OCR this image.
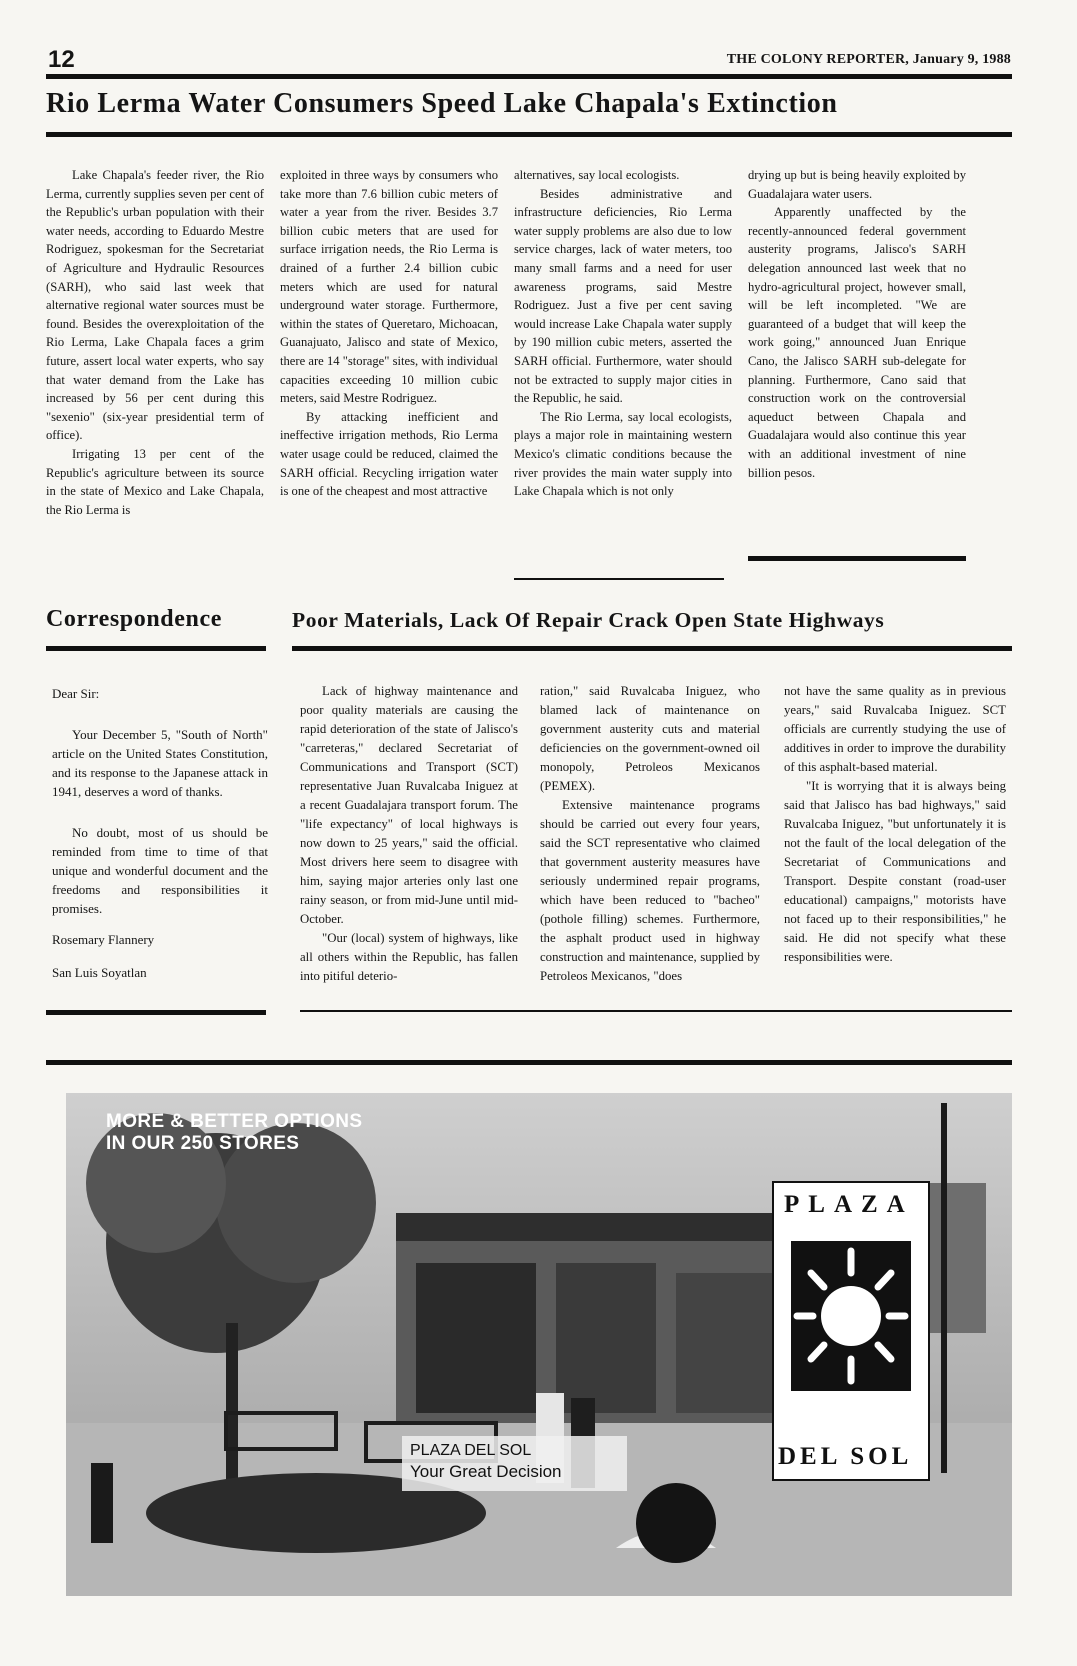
12	THE COLONY REPORTER, January 9, 1988
Rio Lerma Water Consumers Speed Lake Chapala's Extinction

Lake Chapala's feeder river, the Rio Lerma, currently supplies seven per cent of the Republic's urban population with their water needs, according to Eduardo Mestre Rodriguez, spokesman for the Secretariat of Agriculture and Hydraulic Resources (SARH), who said last week that alternative regional water sources must be found. Besides the overexploitation of the Rio Lerma, Lake Chapala faces a grim future, assert local water experts, who say that water demand from the Lake has increased by 56 per cent during this "sexenio" (six-year presidential term of office).

Irrigating 13 per cent of the Republic's agriculture between its source in the state of Mexico and Lake Chapala, the Rio Lerma is

exploited in three ways by consumers who take more than 7.6 billion cubic meters of water a year from the river. Besides 3.7 billion cubic meters that are used for surface irrigation needs, the Rio Lerma is drained of a further 2.4 billion cubic meters which are used for natural underground water storage. Furthermore, within the states of Queretaro, Michoacan, Guanajuato, Jalisco and state of Mexico, there are 14 "storage" sites, with individual capacities exceeding 10 million cubic meters, said Mestre Rodriguez.

By attacking inefficient and ineffective irrigation methods, Rio Lerma water usage could be reduced, claimed the SARH official. Recycling irrigation water is one of the cheapest and most attractive

alternatives, say local ecologists.

Besides administrative and infrastructure deficiencies, Rio Lerma water supply problems are also due to low service charges, lack of water meters, too many small farms and a need for user awareness programs, said Mestre Rodriguez. Just a five per cent saving would increase Lake Chapala water supply by 190 million cubic meters, asserted the SARH official. Furthermore, water should not be extracted to supply major cities in the Republic, he said.

The Rio Lerma, say local ecologists, plays a major role in maintaining western Mexico's climatic conditions because the river provides the main water supply into Lake Chapala which is not only

drying up but is being heavily exploited by Guadalajara water users.

Apparently unaffected by the recently-announced federal government austerity programs, Jalisco's SARH delegation announced last week that no hydro-agricultural project, however small, will be left incompleted. "We are guaranteed of a budget that will keep the work going," announced Juan Enrique Cano, the Jalisco SARH sub-delegate for planning. Furthermore, Cano said that construction work on the controversial aqueduct between Chapala and Guadalajara would also continue this year with an additional investment of nine billion pesos.

Correspondence	Poor Materials, Lack Of Repair Crack Open State Highways

Dear Sir:

Your December 5, "South of North" article on the United States Constitution, and its response to the Japanese attack in 1941, deserves a word of thanks.

No doubt, most of us should be reminded from time to time of that unique and wonderful document and the freedoms and responsibilities it promises.

Rosemary Flannery

San Luis Soyatlan

Lack of highway maintenance and poor quality materials are causing the rapid deterioration of the state of Jalisco's "carreteras," declared Secretariat of Communications and Transport (SCT) representative Juan Ruvalcaba Iniguez at a recent Guadalajara transport forum. The "life expectancy" of local highways is now down to 25 years," said the official. Most drivers here seem to disagree with him, saying major arteries only last one rainy season, or from mid-June until mid-October.

"Our (local) system of highways, like all others within the Republic, has fallen into pitiful deterio-

ration," said Ruvalcaba Iniguez, who blamed lack of maintenance on government austerity cuts and material deficiencies on the government-owned oil monopoly, Petroleos Mexicanos (PEMEX).

Extensive maintenance programs should be carried out every four years, said the SCT representative who claimed that government austerity measures have seriously undermined repair programs, which have been reduced to "bacheo" (pothole filling) schemes. Furthermore, the asphalt product used in highway construction and maintenance, supplied by Petroleos Mexicanos, "does

not have the same quality as in previous years," said Ruvalcaba Iniguez. SCT officials are currently studying the use of additives in order to improve the durability of this asphalt-based material.

"It is worrying that it is always being said that Jalisco has bad highways," said Ruvalcaba Iniguez, "but unfortunately it is not the fault of the local delegation of the Secretariat of Communications and Transport. Despite constant (road-user educational) campaigns," motorists have not faced up to their responsibilities," he said. He did not specify what these responsibilities were.

MORE & BETTER OPTIONS
IN OUR 250 STORES
PLAZA DEL SOL
Your Great Decision
PLAZA
DEL SOL
